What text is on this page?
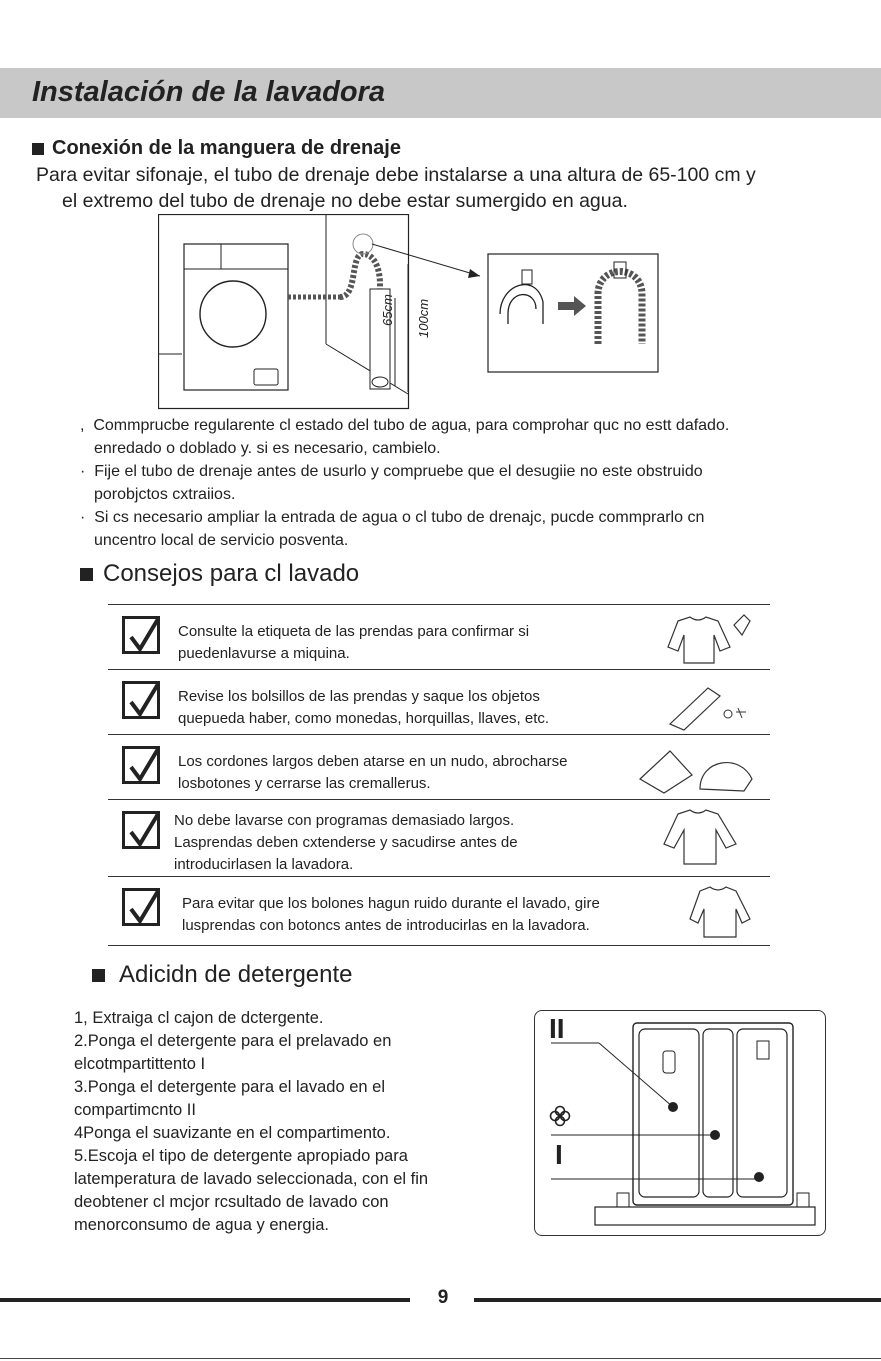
Instalación de la lavadora
Conexión de la manguera de drenaje
Para evitar sifonaje, el tubo de drenaje debe instalarse a una altura de 65-100 cm y
el extremo del tubo de drenaje no debe estar sumergido en agua.
65cm 100cm
, Commprucbe regularente cl estado del tubo de agua, para comprohar quc no estt dafado.
enredado o doblado y. si es necesario, cambielo.
· Fije el tubo de drenaje antes de usurlo y compruebe que el desugiie no este obstruido
porobjctos cxtraiios.
· Si cs necesario ampliar la entrada de agua o cl tubo de drenajc, pucde commprarlo cn
uncentro local de servicio posventa.
Consejos para cl lavado
Consulte la etiqueta de las prendas para confirmar si
puedenlavurse a miquina.
Revise los bolsillos de las prendas y saque los objetos
quepueda haber, como monedas, horquillas, llaves, etc.
Los cordones largos deben atarse en un nudo, abrocharse
losbotones y cerrarse las cremallerus.
No debe lavarse con programas demasiado largos.
Lasprendas deben cxtenderse y sacudirse antes de
introducirlasen la lavadora.
Para evitar que los bolones hagun ruido durante el lavado, gire
lusprendas con botoncs antes de introducirlas en la lavadora.
Adicidn de detergente
1, Extraiga cl cajon de dctergente.
2.Ponga el detergente para el prelavado en
elcotmpartittento I
3.Ponga el detergente para el lavado en el
compartimcnto II
4Ponga el suavizante en el compartimento.
5.Escoja el tipo de detergente apropiado para
latemperatura de lavado seleccionada, con el fin
deobtener cl mcjor rcsultado de lavado con
menorconsumo de agua y energia.
II
I
9
